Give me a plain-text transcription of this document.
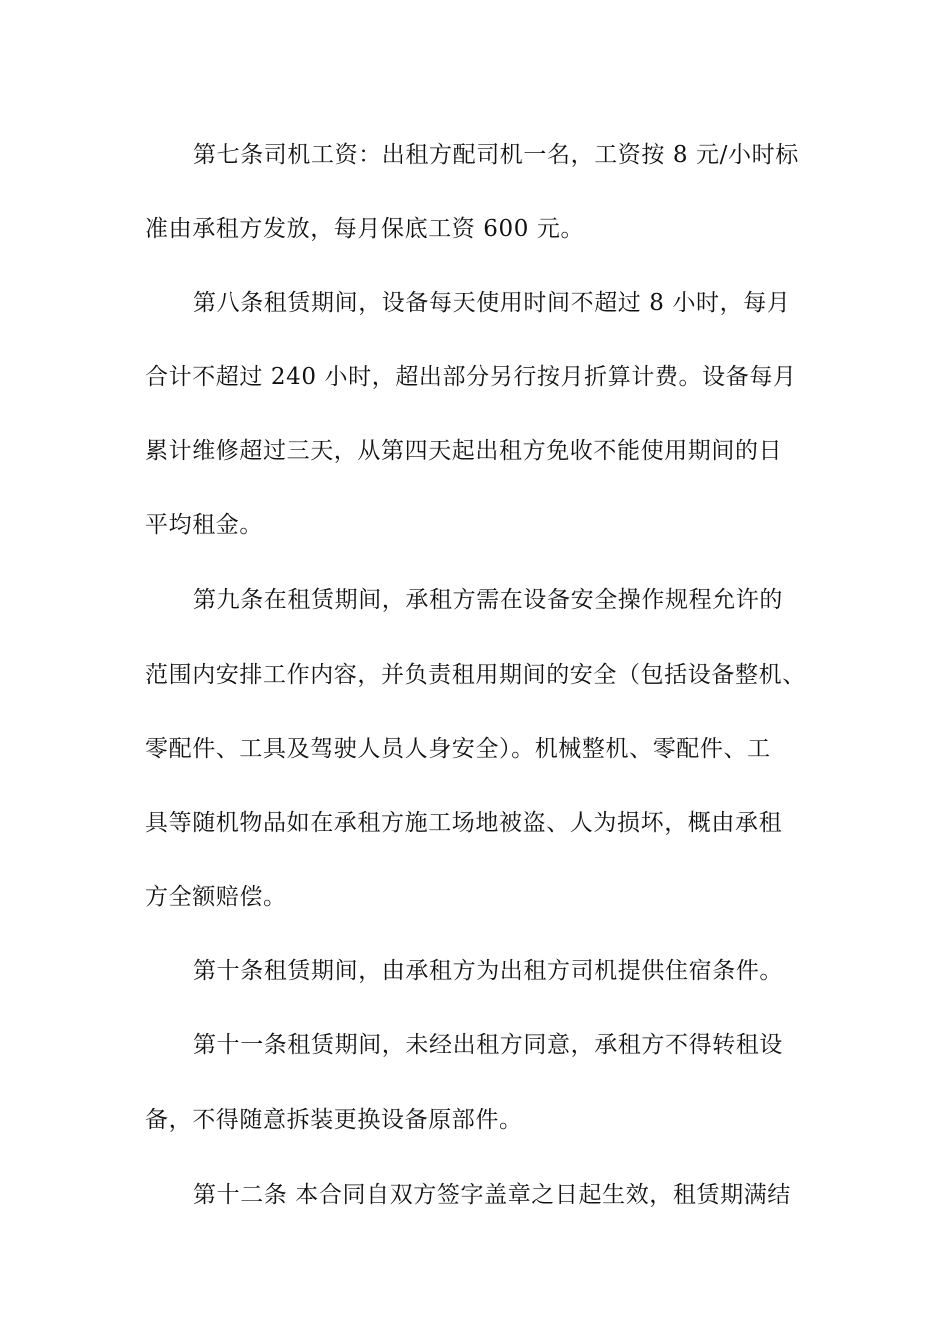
第七条司机工资：出租方配司机一名，工资按 8 元/小时标
准由承租方发放，每月保底工资 600 元。
第八条租赁期间，设备每天使用时间不超过 8 小时，每月
合计不超过 240 小时，超出部分另行按月折算计费。设备每月
累计维修超过三天，从第四天起出租方免收不能使用期间的日
平均租金。
第九条在租赁期间，承租方需在设备安全操作规程允许的
范围内安排工作内容，并负责租用期间的安全（包括设备整机、
零配件、工具及驾驶人员人身安全）。机械整机、零配件、工
具等随机物品如在承租方施工场地被盗、人为损坏，概由承租
方全额赔偿。
第十条租赁期间，由承租方为出租方司机提供住宿条件。
第十一条租赁期间，未经出租方同意，承租方不得转租设
备，不得随意拆装更换设备原部件。
第十二条 本合同自双方签字盖章之日起生效，租赁期满结
